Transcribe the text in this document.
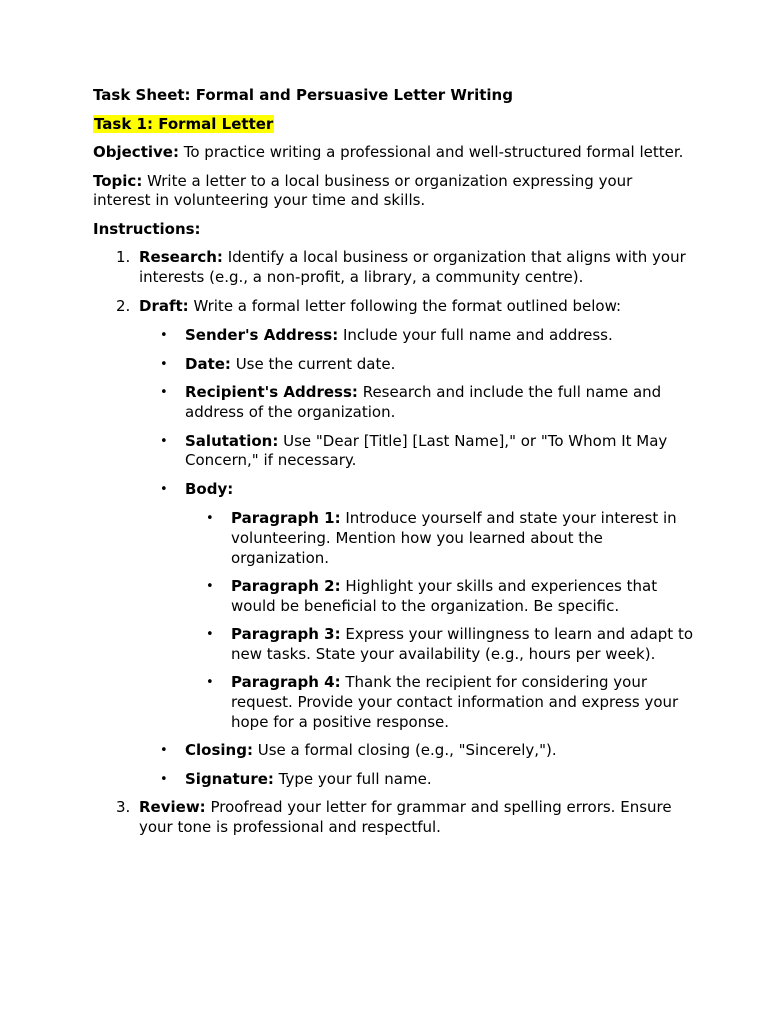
Task Sheet: Formal and Persuasive Letter Writing
Task 1: Formal Letter

Objective: To practice writing a professional and well-structured formal letter.

Topic: Write a letter to a local business or organization expressing your interest in volunteering your time and skills.

Instructions:

1. Research: Identify a local business or organization that aligns with your interests (e.g., a non-profit, a library, a community centre).
2. Draft: Write a formal letter following the format outlined below:
• Sender's Address: Include your full name and address.
• Date: Use the current date.
• Recipient's Address: Research and include the full name and address of the organization.
• Salutation: Use "Dear [Title] [Last Name]," or "To Whom It May Concern," if necessary.
• Body:
• Paragraph 1: Introduce yourself and state your interest in volunteering. Mention how you learned about the organization.
• Paragraph 2: Highlight your skills and experiences that would be beneficial to the organization. Be specific.
• Paragraph 3: Express your willingness to learn and adapt to new tasks. State your availability (e.g., hours per week).
• Paragraph 4: Thank the recipient for considering your request. Provide your contact information and express your hope for a positive response.
• Closing: Use a formal closing (e.g., "Sincerely,").
• Signature: Type your full name.
3. Review: Proofread your letter for grammar and spelling errors. Ensure your tone is professional and respectful.
